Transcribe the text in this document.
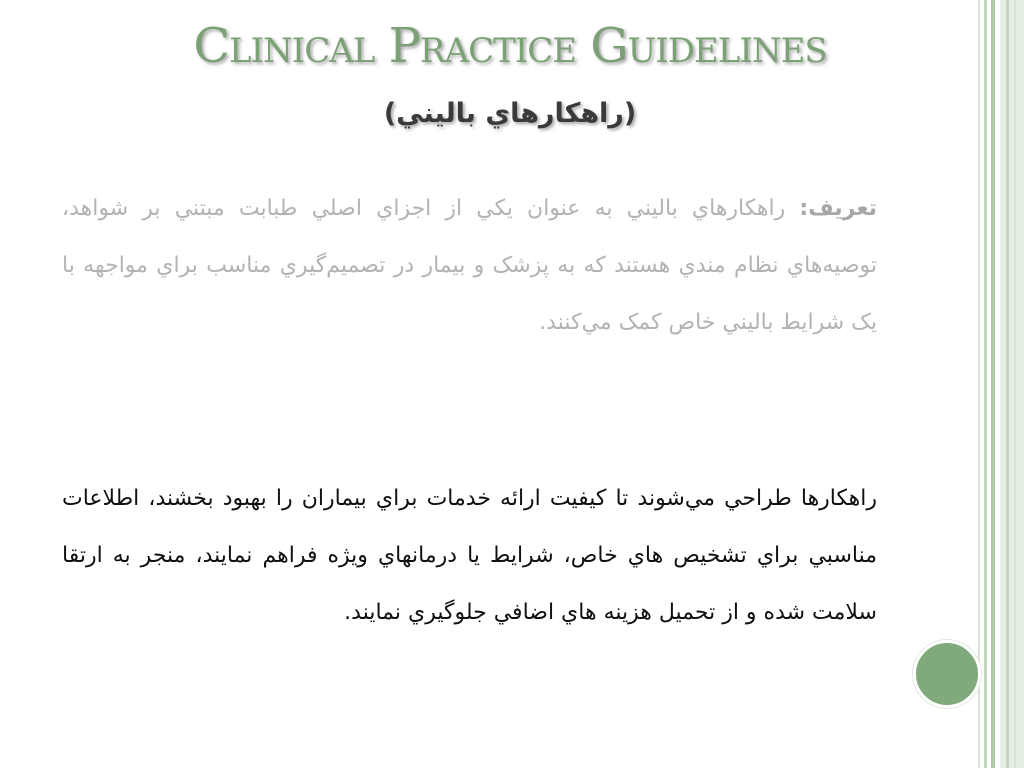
Clinical Practice Guidelines
(راهکارهاي باليني)

تعريف: راهکارهاي باليني به عنوان يکي از اجزاي اصلي طبابت مبتني بر شواهد، توصيه‌هاي نظام مندي هستند که به پزشک و بيمار در تصميم‌گيري مناسب براي مواجهه با يک شرايط باليني خاص کمک مي‌کنند.

راهکارها طراحي مي‌شوند تا کيفيت ارائه خدمات براي بيماران را بهبود بخشند، اطلاعات مناسبي براي تشخيص هاي خاص، شرايط يا درمانهاي ويژه فراهم نمايند، منجر به ارتقا سلامت شده و از تحميل هزينه هاي اضافي جلوگيري نمايند.
